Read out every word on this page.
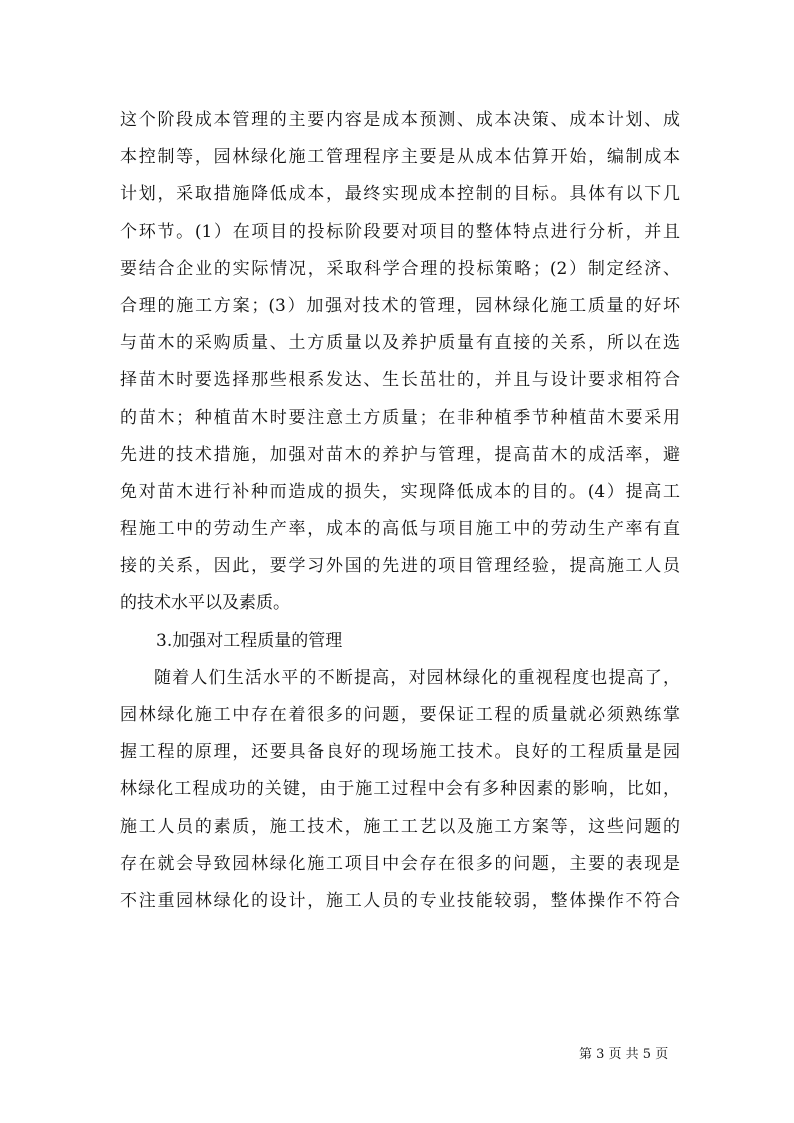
这个阶段成本管理的主要内容是成本预测、成本决策、成本计划、成
本控制等，园林绿化施工管理程序主要是从成本估算开始，编制成本
计划，采取措施降低成本，最终实现成本控制的目标。具体有以下几
个环节。(1）在项目的投标阶段要对项目的整体特点进行分析，并且
要结合企业的实际情况，采取科学合理的投标策略；(2）制定经济、
合理的施工方案；(3）加强对技术的管理，园林绿化施工质量的好坏
与苗木的采购质量、土方质量以及养护质量有直接的关系，所以在选
择苗木时要选择那些根系发达、生长茁壮的，并且与设计要求相符合
的苗木；种植苗木时要注意土方质量；在非种植季节种植苗木要采用
先进的技术措施，加强对苗木的养护与管理，提高苗木的成活率，避
免对苗木进行补种而造成的损失，实现降低成本的目的。(4）提高工
程施工中的劳动生产率，成本的高低与项目施工中的劳动生产率有直
接的关系，因此，要学习外国的先进的项目管理经验，提高施工人员
的技术水平以及素质。
3.加强对工程质量的管理
随着人们生活水平的不断提高，对园林绿化的重视程度也提高了，
园林绿化施工中存在着很多的问题，要保证工程的质量就必须熟练掌
握工程的原理，还要具备良好的现场施工技术。良好的工程质量是园
林绿化工程成功的关键，由于施工过程中会有多种因素的影响，比如，
施工人员的素质，施工技术，施工工艺以及施工方案等，这些问题的
存在就会导致园林绿化施工项目中会存在很多的问题，主要的表现是
不注重园林绿化的设计，施工人员的专业技能较弱，整体操作不符合
第 3 页 共 5 页
